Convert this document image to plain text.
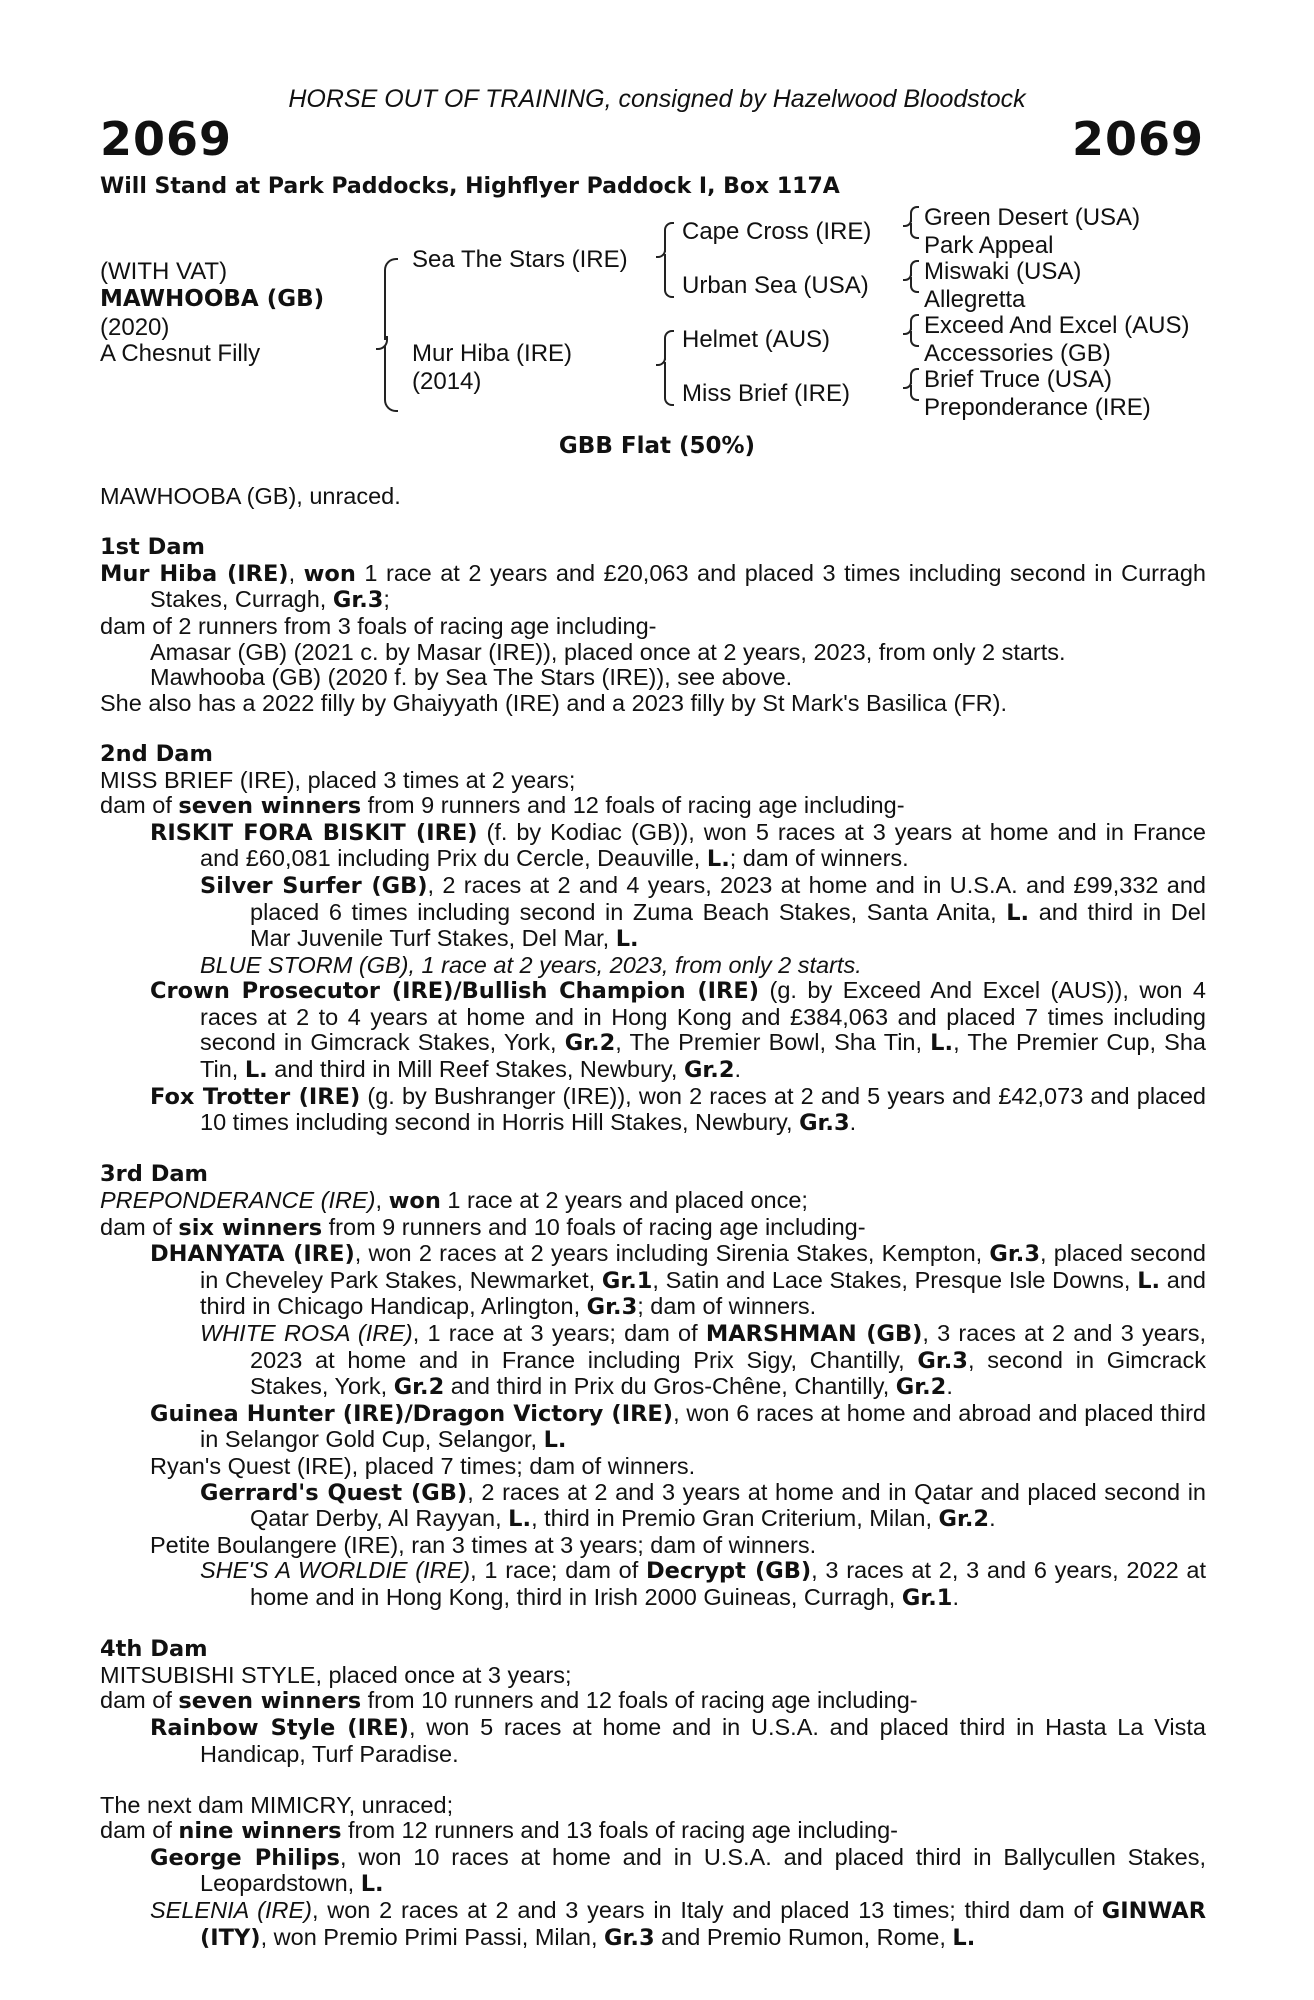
HORSE OUT OF TRAINING, consigned by Hazelwood Bloodstock
2069	2069
Will Stand at Park Paddocks, Highflyer Paddock I, Box 117A
(WITH VAT)
MAWHOOBA (GB)
(2020)
A Chesnut Filly
Sea The Stars (IRE)
Mur Hiba (IRE)
(2014)
Cape Cross (IRE)
Urban Sea (USA)
Helmet (AUS)
Miss Brief (IRE)
Green Desert (USA)
Park Appeal
Miswaki (USA)
Allegretta
Exceed And Excel (AUS)
Accessories (GB)
Brief Truce (USA)
Preponderance (IRE)
GBB Flat (50%)

MAWHOOBA (GB), unraced.

1st Dam

Mur Hiba (IRE), won 1 race at 2 years and £20,063 and placed 3 times including second in Curragh Stakes, Curragh, Gr.3;

dam of 2 runners from 3 foals of racing age including-

Amasar (GB) (2021 c. by Masar (IRE)), placed once at 2 years, 2023, from only 2 starts.

Mawhooba (GB) (2020 f. by Sea The Stars (IRE)), see above.

She also has a 2022 filly by Ghaiyyath (IRE) and a 2023 filly by St Mark's Basilica (FR).

2nd Dam

MISS BRIEF (IRE), placed 3 times at 2 years;

dam of seven winners from 9 runners and 12 foals of racing age including-

RISKIT FORA BISKIT (IRE) (f. by Kodiac (GB)), won 5 races at 3 years at home and in France and £60,081 including Prix du Cercle, Deauville, L.; dam of winners.

Silver Surfer (GB), 2 races at 2 and 4 years, 2023 at home and in U.S.A. and £99,332 and placed 6 times including second in Zuma Beach Stakes, Santa Anita, L. and third in Del Mar Juvenile Turf Stakes, Del Mar, L.

BLUE STORM (GB), 1 race at 2 years, 2023, from only 2 starts.

Crown Prosecutor (IRE)/Bullish Champion (IRE) (g. by Exceed And Excel (AUS)), won 4 races at 2 to 4 years at home and in Hong Kong and £384,063 and placed 7 times including second in Gimcrack Stakes, York, Gr.2, The Premier Bowl, Sha Tin, L., The Premier Cup, Sha Tin, L. and third in Mill Reef Stakes, Newbury, Gr.2.

Fox Trotter (IRE) (g. by Bushranger (IRE)), won 2 races at 2 and 5 years and £42,073 and placed 10 times including second in Horris Hill Stakes, Newbury, Gr.3.

3rd Dam

PREPONDERANCE (IRE), won 1 race at 2 years and placed once;

dam of six winners from 9 runners and 10 foals of racing age including-

DHANYATA (IRE), won 2 races at 2 years including Sirenia Stakes, Kempton, Gr.3, placed second in Cheveley Park Stakes, Newmarket, Gr.1, Satin and Lace Stakes, Presque Isle Downs, L. and third in Chicago Handicap, Arlington, Gr.3; dam of winners.

WHITE ROSA (IRE), 1 race at 3 years; dam of MARSHMAN (GB), 3 races at 2 and 3 years, 2023 at home and in France including Prix Sigy, Chantilly, Gr.3, second in Gimcrack Stakes, York, Gr.2 and third in Prix du Gros-Chêne, Chantilly, Gr.2.

Guinea Hunter (IRE)/Dragon Victory (IRE), won 6 races at home and abroad and placed third in Selangor Gold Cup, Selangor, L.

Ryan's Quest (IRE), placed 7 times; dam of winners.

Gerrard's Quest (GB), 2 races at 2 and 3 years at home and in Qatar and placed second in Qatar Derby, Al Rayyan, L., third in Premio Gran Criterium, Milan, Gr.2.

Petite Boulangere (IRE), ran 3 times at 3 years; dam of winners.

SHE'S A WORLDIE (IRE), 1 race; dam of Decrypt (GB), 3 races at 2, 3 and 6 years, 2022 at home and in Hong Kong, third in Irish 2000 Guineas, Curragh, Gr.1.

4th Dam

MITSUBISHI STYLE, placed once at 3 years;

dam of seven winners from 10 runners and 12 foals of racing age including-

Rainbow Style (IRE), won 5 races at home and in U.S.A. and placed third in Hasta La Vista Handicap, Turf Paradise.

The next dam MIMICRY, unraced;

dam of nine winners from 12 runners and 13 foals of racing age including-

George Philips, won 10 races at home and in U.S.A. and placed third in Ballycullen Stakes, Leopardstown, L.

SELENIA (IRE), won 2 races at 2 and 3 years in Italy and placed 13 times; third dam of GINWAR (ITY), won Premio Primi Passi, Milan, Gr.3 and Premio Rumon, Rome, L.
